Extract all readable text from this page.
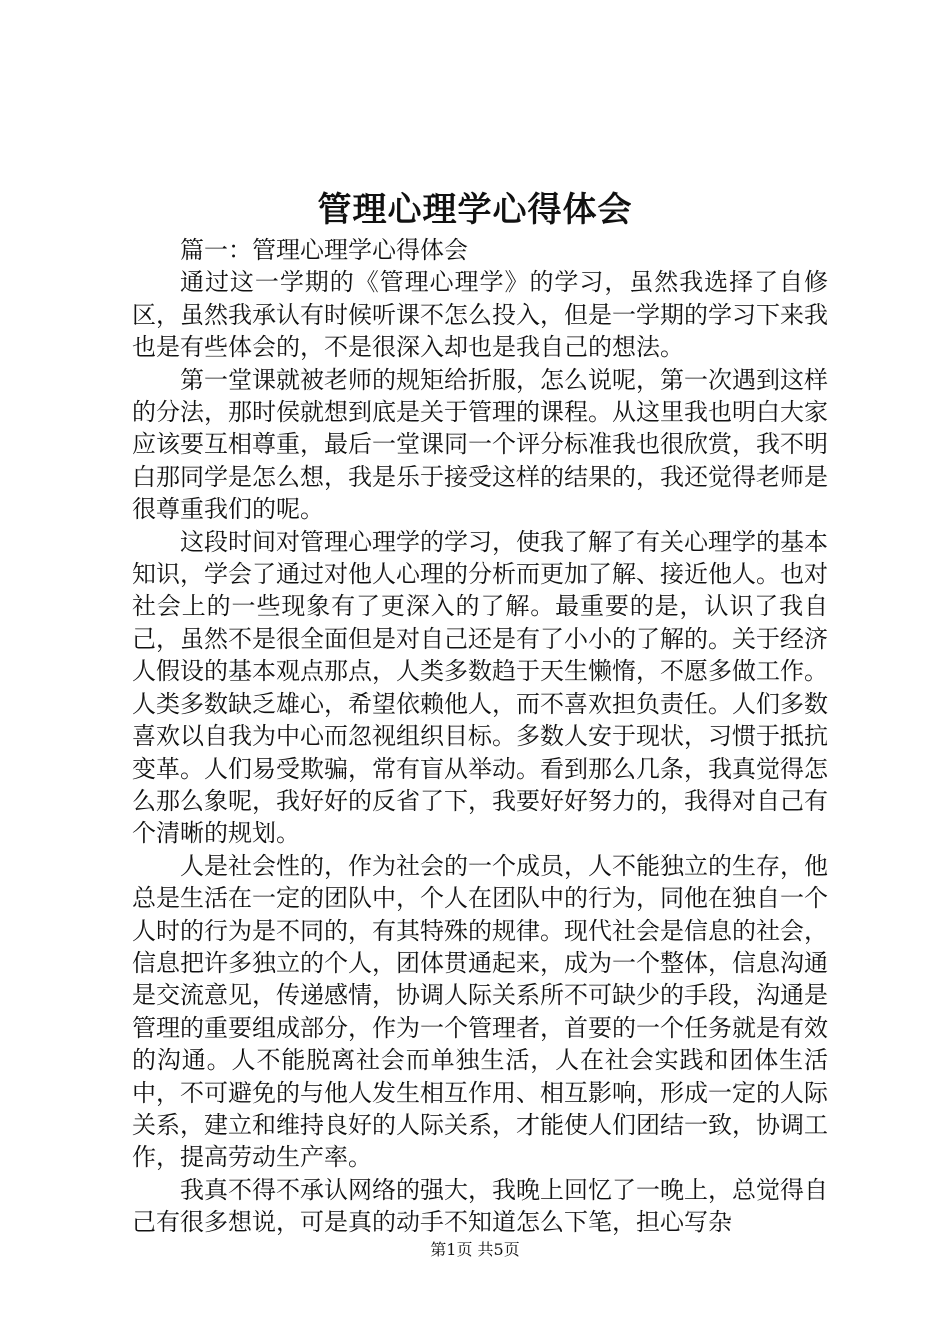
管理心理学心得体会

篇一：管理心理学心得体会

通过这一学期的《管理心理学》的学习，虽然我选择了自修区，虽然我承认有时候听课不怎么投入，但是一学期的学习下来我也是有些体会的，不是很深入却也是我自己的想法。

第一堂课就被老师的规矩给折服，怎么说呢，第一次遇到这样的分法，那时侯就想到底是关于管理的课程。从这里我也明白大家应该要互相尊重，最后一堂课同一个评分标准我也很欣赏，我不明白那同学是怎么想，我是乐于接受这样的结果的，我还觉得老师是很尊重我们的呢。

这段时间对管理心理学的学习，使我了解了有关心理学的基本知识，学会了通过对他人心理的分析而更加了解、接近他人。也对社会上的一些现象有了更深入的了解。最重要的是，认识了我自己，虽然不是很全面但是对自己还是有了小小的了解的。关于经济人假设的基本观点那点，人类多数趋于天生懒惰，不愿多做工作。人类多数缺乏雄心，希望依赖他人，而不喜欢担负责任。人们多数喜欢以自我为中心而忽视组织目标。多数人安于现状，习惯于抵抗变革。人们易受欺骗，常有盲从举动。看到那么几条，我真觉得怎么那么象呢，我好好的反省了下，我要好好努力的，我得对自己有个清晰的规划。

人是社会性的，作为社会的一个成员，人不能独立的生存，他总是生活在一定的团队中，个人在团队中的行为，同他在独自一个人时的行为是不同的，有其特殊的规律。现代社会是信息的社会，信息把许多独立的个人，团体贯通起来，成为一个整体，信息沟通是交流意见，传递感情，协调人际关系所不可缺少的手段，沟通是管理的重要组成部分，作为一个管理者，首要的一个任务就是有效的沟通。人不能脱离社会而单独生活，人在社会实践和团体生活中，不可避免的与他人发生相互作用、相互影响，形成一定的人际关系，建立和维持良好的人际关系，才能使人们团结一致，协调工作，提高劳动生产率。

我真不得不承认网络的强大，我晚上回忆了一晚上，总觉得自己有很多想说，可是真的动手不知道怎么下笔，担心写杂

第1页 共5页
